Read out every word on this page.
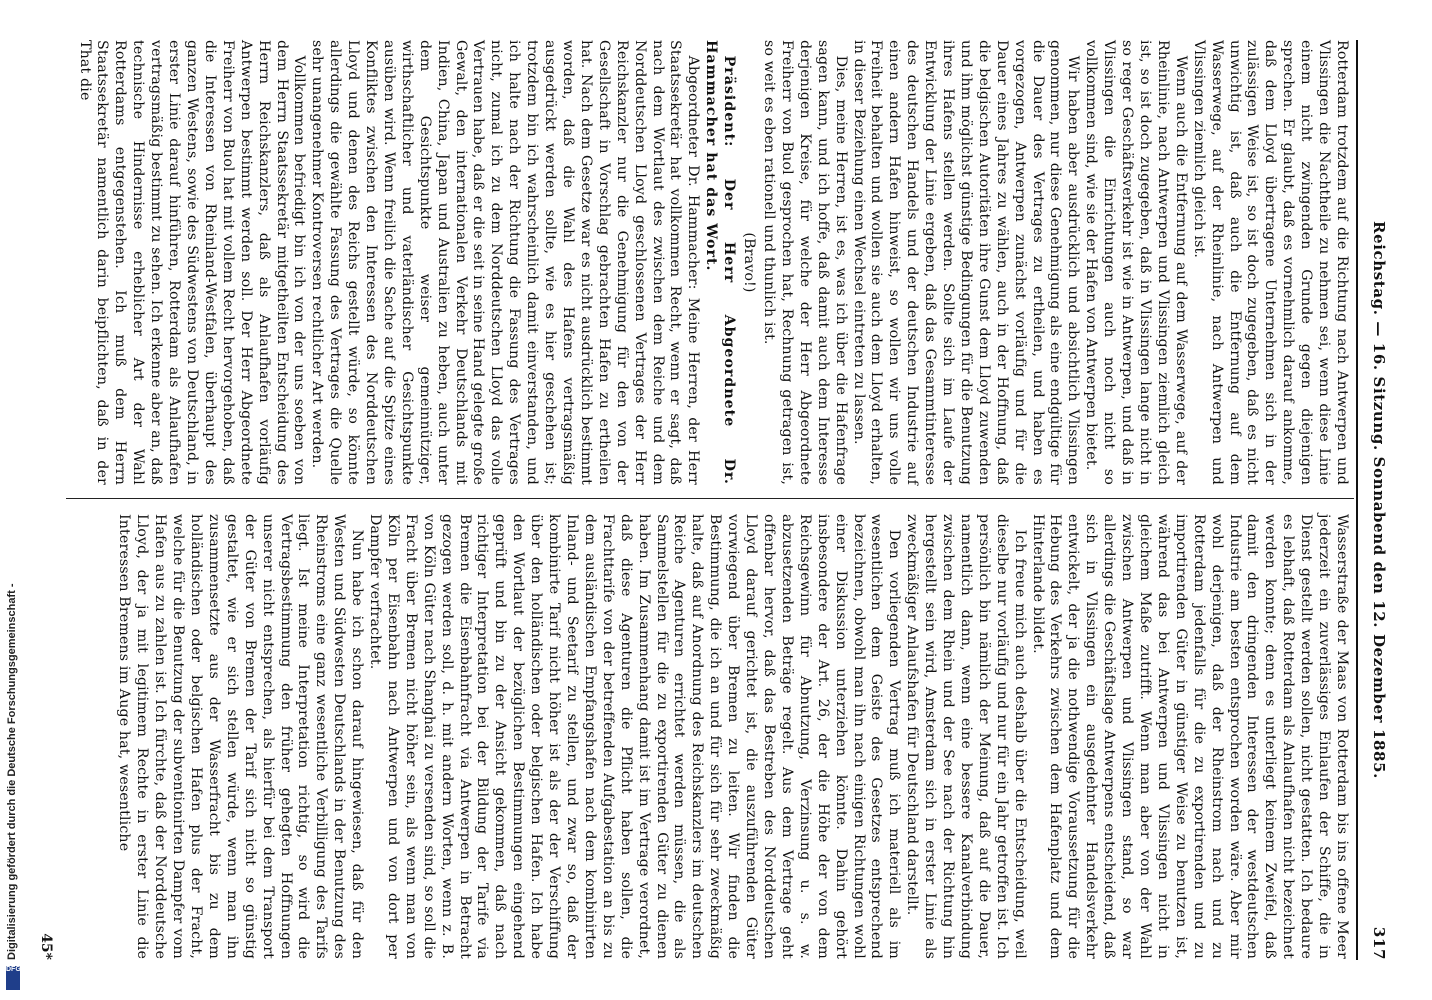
Digitalisierung gefördert durch die Deutsche Forschungsgemeinschaft -
DFG
Reichstag. — 16. Sitzung. Sonnabend den 12. Dezember 1885.
317

Rotterdam trotzdem auf die Richtung nach Antwerpen und Vlissingen die Nachtheile zu nehmen sei, wenn diese Linie einem nicht zwingenden Grunde gegen diejenigen sprechen. Er glaubt, daß es vornehmlich darauf ankomme, daß dem Lloyd übertragene Unternehmen sich in der zulässigen Weise ist, so ist doch zugegeben, daß es nicht unwichtig ist, daß auch die Entfernung auf dem Wasserwege, auf der Rheinlinie, nach Antwerpen und Vlissingen ziemlich gleich ist.

Wenn auch die Entfernung auf dem Wasserwege, auf der Rheinlinie, nach Antwerpen und Vlissingen ziemlich gleich ist, so ist doch zugegeben, daß in Vlissingen lange nicht in so reger Geschäftsverkehr ist wie in Antwerpen, und daß in Vlissingen die Einrichtungen auch noch nicht so vollkommen sind, wie sie der Hafen von Antwerpen bietet.

Wir haben aber ausdrücklich und absichtlich Vlissingen genommen, nur diese Genehmigung als eine endgültige für die Dauer des Vertrages zu ertheilen, und haben es vorgezogen, Antwerpen zunächst vorläufig und für die Dauer eines Jahres zu wählen, auch in der Hoffnung, daß die belgischen Autoritäten ihre Gunst dem Lloyd zuwenden und ihm möglichst günstige Bedingungen für die Benutzung ihres Hafens stellen werden. Sollte sich im Laufe der Entwicklung der Linie ergeben, daß das Gesammtinteresse des deutschen Handels und der deutschen Industrie auf einen andern Hafen hinweist, so wollen wir uns volle Freiheit behalten und wollen sie auch dem Lloyd erhalten, in dieser Beziehung einen Wechsel eintreten zu lassen.

Dies, meine Herren, ist es, was ich über die Hafenfrage sagen kann, und ich hoffe, daß damit auch dem Interesse derjenigen Kreise, für welche der Herr Abgeordnete Freiherr von Buol gesprochen hat, Rechnung getragen ist, so weit es eben rationell und thunlich ist.

(Bravo!)

Präsident: Der Herr Abgeordnete Dr. Hammacher hat das Wort.

Abgeordneter Dr. Hammacher: Meine Herren, der Herr Staatssekretär hat vollkommen Recht, wenn er sagt, daß nach dem Wortlaut des zwischen dem Reiche und dem Norddeutschen Lloyd geschlossenen Vertrages der Herr Reichskanzler nur die Genehmigung für den von der Gesellschaft in Vorschlag gebrachten Hafen zu ertheilen hat. Nach dem Gesetze war es nicht ausdrücklich bestimmt worden, daß die Wahl des Hafens vertragsmäßig ausgedrückt werden sollte, wie es hier geschehen ist; trotzdem bin ich wahrscheinlich damit einverstanden, und ich halte nach der Richtung die Fassung des Vertrages nicht, zumal ich zu dem Norddeutschen Lloyd das volle Vertrauen habe, daß er die seit in seine Hand gelegte große Gewalt, den internationalen Verkehr Deutschlands mit Indien, China, Japan und Australien zu heben, auch unter dem Gesichtspunkte weiser gemeinnütziger, wirthschaftlicher und vaterländischer Gesichtspunkte ausüben wird. Wenn freilich die Sache auf die Spitze eines Konfliktes zwischen den Interessen des Norddeutschen Lloyd und denen des Reichs gestellt würde, so könnte allerdings die gewählte Fassung des Vertrages die Quelle sehr unangenehmer Kontroversen rechtlicher Art werden.

Vollkommen befriedigt bin ich von der uns soeben von dem Herrn Staatssekretär mitgetheilten Entscheidung des Herrn Reichskanzlers, daß als Anlaufhafen vorläufig Antwerpen bestimmt werden soll. Der Herr Abgeordnete Freiherr von Buol hat mit vollem Recht hervorgehoben, daß die Interessen von Rheinland-Westfalen, überhaupt des ganzen Westens, sowie des Südwestens von Deutschland, in erster Linie darauf hinführen, Rotterdam als Anlaufhafen vertragsmäßig bestimmt zu sehen. Ich erkenne aber an, daß technische Hindernisse erheblicher Art der Wahl Rotterdams entgegenstehen. Ich muß dem Herrn Staatssekretär namentlich darin beipflichten, daß in der That die

Wasserstraße der Maas von Rotterdam bis ins offene Meer jederzeit ein zuverlässiges Einlaufen der Schiffe, die in Dienst gestellt werden sollen, nicht gestatten. Ich bedaure es lebhaft, daß Rotterdam als Anlaufhafen nicht bezeichnet werden konnte; denn es unterliegt keinem Zweifel, daß damit den dringenden Interessen der westdeutschen Industrie am besten entsprochen worden wäre. Aber mir wohl derjenigen, daß der Rheinstrom nach und zu Rotterdam jedenfalls für die zu exportirenden und zu importirenden Güter in günstiger Weise zu benutzen ist, während das bei Antwerpen und Vlissingen nicht in gleichem Maße zutrifft. Wenn man aber von der Wahl zwischen Antwerpen und Vlissingen stand, so war allerdings die Geschäftslage Antwerpens entscheidend, daß sich in Vlissingen ein ausgedehnter Handelsverkehr entwickelt, der ja die nothwendige Voraussetzung für die Hebung des Verkehrs zwischen dem Hafenplatz und dem Hinterlande bildet.

Ich freue mich auch deshalb über die Entscheidung, weil dieselbe nur vorläufig und nur für ein Jahr getroffen ist. Ich persönlich bin nämlich der Meinung, daß auf die Dauer, namentlich dann, wenn eine bessere Kanalverbindung zwischen dem Rhein und der See nach der Richtung hin hergestellt sein wird, Amsterdam sich in erster Linie als zweckmäßiger Anlaufshafen für Deutschland darstellt.

Den vorliegenden Vertrag muß ich materiell als im wesentlichen dem Geiste des Gesetzes entsprechend bezeichnen, obwohl man ihn nach einigen Richtungen wohl einer Diskussion unterziehen könnte. Dahin gehört insbesondere der Art. 26, der die Höhe der von dem Reichsgewinn für Abnutzung, Verzinsung u. s. w. abzusetzenden Beträge regelt. Aus dem Vertrage geht offenbar hervor, daß das Bestreben des Norddeutschen Lloyd darauf gerichtet ist, die auszuführenden Güter vorwiegend über Bremen zu leiten. Wir finden die Bestimmung, die ich an und für sich für sehr zweckmäßig halte, daß auf Anordnung des Reichskanzlers im deutschen Reiche Agenturen errichtet werden müssen, die als Sammelstellen für die zu exportirenden Güter zu dienen haben. Im Zusammenhang damit ist im Vertrage verordnet, daß diese Agenturen die Pflicht haben sollen, die Frachttarife von der betreffenden Aufgabestation an bis zu dem ausländischen Empfangshafen nach dem kombinirten Inland- und Seetarif zu stellen, und zwar so, daß der kombinirte Tarif nicht höher ist als der der Verschiffung über den holländischen oder belgischen Hafen. Ich habe den Wortlaut der bezüglichen Bestimmungen eingehend geprüft und bin zu der Ansicht gekommen, daß nach richtiger Interpretation bei der Bildung der Tarife via Bremen die Eisenbahnfracht via Antwerpen in Betracht gezogen werden soll, d. h. mit andern Worten, wenn z. B. von Köln Güter nach Shanghai zu versenden sind, so soll die Fracht über Bremen nicht höher sein, als wenn man von Köln per Eisenbahn nach Antwerpen und von dort per Dampfer verfrachtet.

Nun habe ich schon darauf hingewiesen, daß für den Westen und Südwesten Deutschlands in der Benutzung des Rheinstroms eine ganz wesentliche Verbilligung des Tarifs liegt. Ist meine Interpretation richtig, so wird die Vertragsbestimmung den früher gehegten Hoffnungen unserer nicht entsprechen, als hierfür bei dem Transport der Güter von Bremen der Tarif sich nicht so günstig gestaltet, wie er sich stellen würde, wenn man ihn zusammensetzte aus der Wasserfracht bis zu dem holländischen oder belgischen Hafen plus der Fracht, welche für die Benutzung der subventionirten Dampfer vom Hafen aus zu zahlen ist. Ich fürchte, daß der Norddeutsche Lloyd, der ja mit legitimem Rechte in erster Linie die Interessen Bremens im Auge hat, wesentliche

45*
